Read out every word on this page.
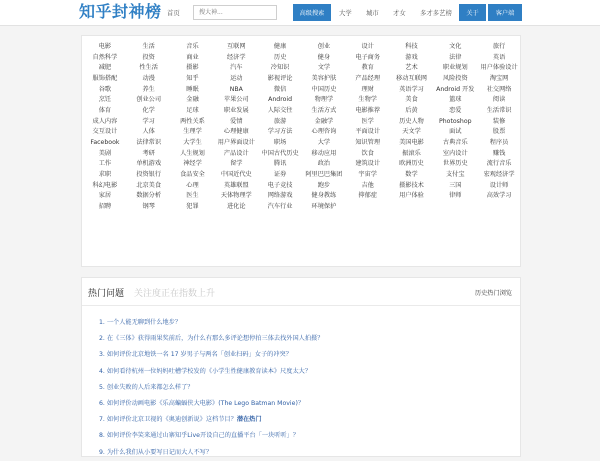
知乎封神榜 首页
搜大神...	高级搜索	大学 城市 才女 多才多艺榜	关于	客户端
电影	生活	音乐	互联网	健康	创业	设计	科技	文化	旅行
自然科学	投资	商业	经济学	历史	健身	电子商务	游戏	法律	英语
减肥	性生活	摄影	汽车	冷知识	文学	教育	艺术	职业规划	用户体验设计
服饰搭配	动漫	知乎	运动	影视评论	美容护肤	产品经理	移动互联网	风险投资	淘宝网
谷歌	养生	睡眠	NBA	微信	中国历史	理财	英语学习	Android 开发	社交网络
烹饪	创业公司	金融	苹果公司	Android	物理学	生物学	美食	篮球	阅读
体育	化学	足球	职业发展	人际交往	生活方式	电影推荐	后黄	恋爱	生活常识
成人内容	学习	两性关系	爱情	旅游	金融学	医学	历史人物	Photoshop	装修
交互设计	人体	生理学	心理健康	学习方法	心理咨询	平面设计	天文学	面试	股票
Facebook	法律常识	大学生	用户界面设计	职场	大学	知识管理	美国电影	古典音乐	程序员
美剧	考研	人生规划	产品设计	中国古代历史	移动应用	饮食	振滚乐	室内设计	赚钱
工作	单机游戏	神经学	留学	腾讯	政治	建筑设计	欧洲历史	世界历史	流行音乐
求职	投资银行	食品安全	中国近代史	证券	阿里巴巴集团	宇宙学	数学	支付宝	宏观经济学
科幻电影	北京美食	心理	英雄联盟	电子竞技	跑步	吉他	摄影技术	三国	设计师
家居	数据分析	医生	天体物理学	网络游戏	健身教练	抑郁症	用户体验	律师	高效学习
招聘	钢琴	犯罪	进化论	汽车行业	环境保护
热门问题 关注度正在指数上升	历史热门浏览
1. 一个人能无聊到什么地步？
2. 在《三体》获得雨果奖前后，为什么有那么多评论想停拍三体去找外国人拍摄？
3. 如何评价北京地铁一名 17 岁男子与两名「创业扫码」女子的冲突？
4. 如何看待杭州一位妈妈吐槽学校发的《小学生性健康教育读本》尺度太大？
5. 创业失败的人后来都怎么样了？
6. 如何评价动画电影《乐高蝙蝠侠大电影》(The Lego Batman Movie)？
7. 如何评价北京卫视的《奥迪创新说》这档节目？潜在热门
8. 如何评价李笑来通过山寨知乎Live开设自己的直播平台「一块听听」？
9. 为什么我们从小要写日记而大人不写？
